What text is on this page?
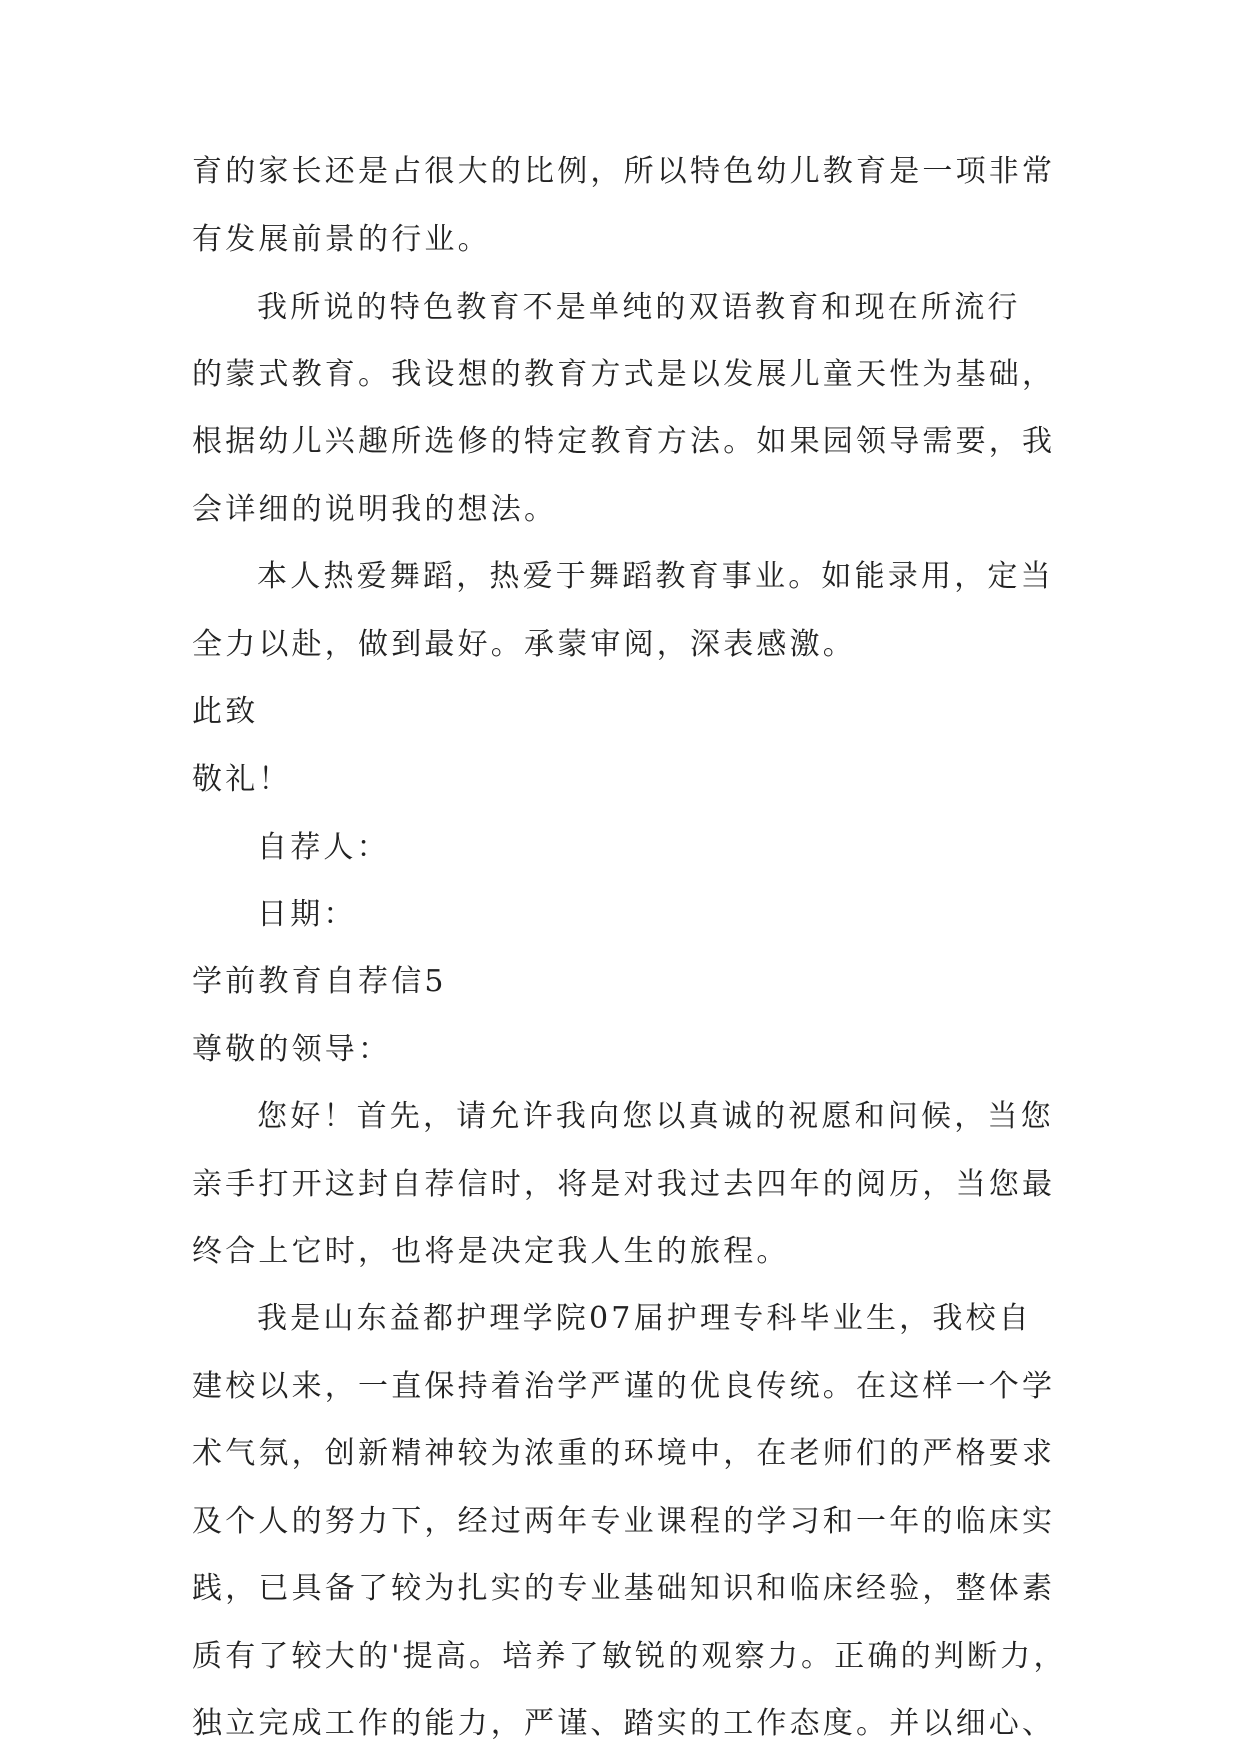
育的家长还是占很大的比例，所以特色幼儿教育是一项非常
有发展前景的行业。
我所说的特色教育不是单纯的双语教育和现在所流行
的蒙式教育。我设想的教育方式是以发展儿童天性为基础，
根据幼儿兴趣所选修的特定教育方法。如果园领导需要，我
会详细的说明我的想法。
本人热爱舞蹈，热爱于舞蹈教育事业。如能录用，定当
全力以赴，做到最好。承蒙审阅，深表感激。
此致
敬礼！
自荐人：
日期：
学前教育自荐信5
尊敬的领导：
您好！首先，请允许我向您以真诚的祝愿和问候，当您
亲手打开这封自荐信时，将是对我过去四年的阅历，当您最
终合上它时，也将是决定我人生的旅程。
我是山东益都护理学院07届护理专科毕业生，我校自
建校以来，一直保持着治学严谨的优良传统。在这样一个学
术气氛，创新精神较为浓重的环境中，在老师们的严格要求
及个人的努力下，经过两年专业课程的学习和一年的临床实
践，已具备了较为扎实的专业基础知识和临床经验，整体素
质有了较大的'提高。培养了敏锐的观察力。正确的判断力，
独立完成工作的能力，严谨、踏实的工作态度。并以细心、
